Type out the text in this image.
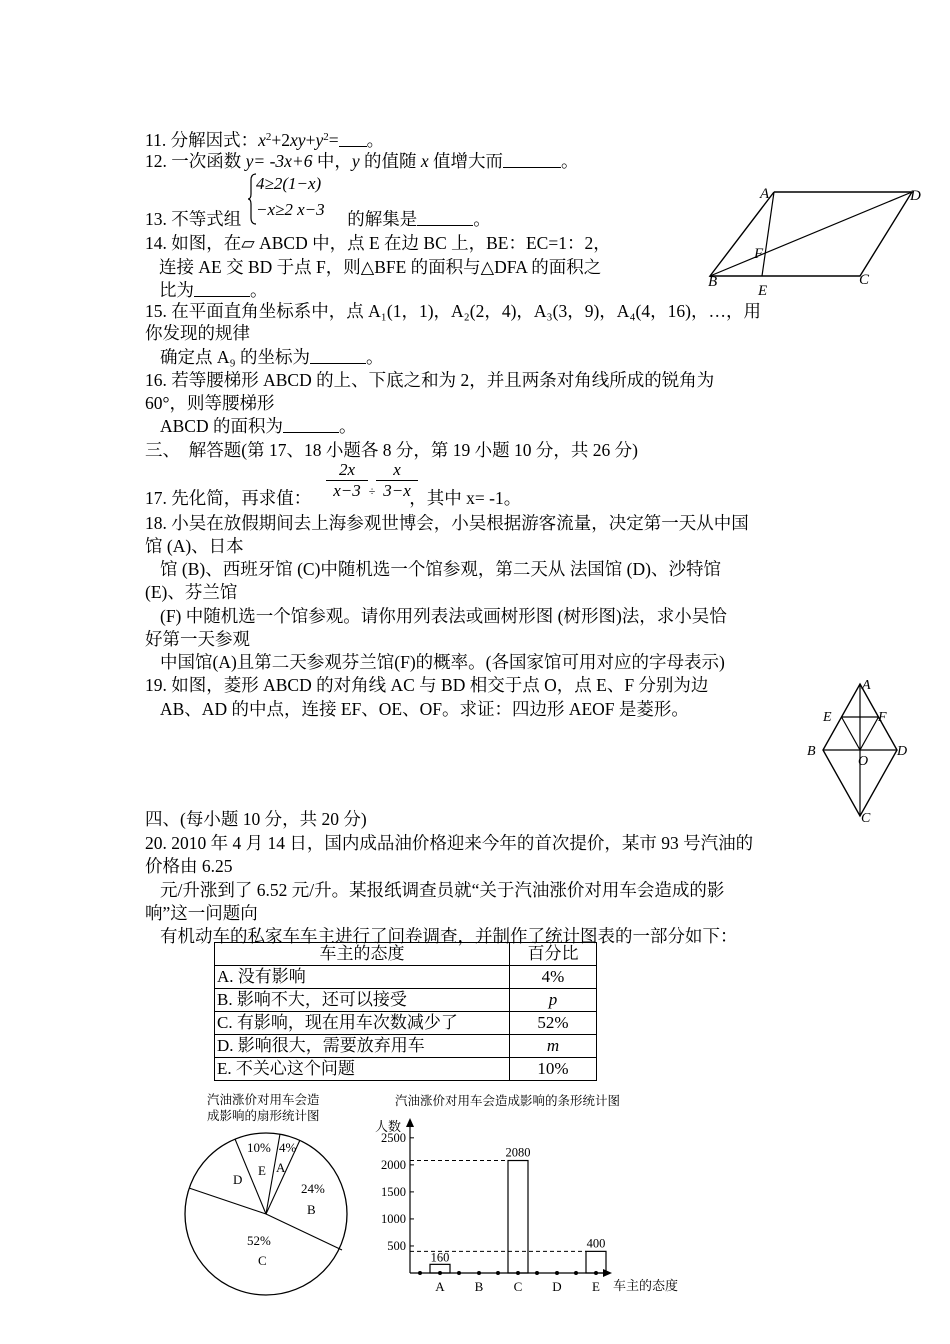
11. 分解因式：$x^2+2xy+y^2=$ 。
12. 一次函数 y= -3x+6 中，y 的值随 x 值增大而	。
4≥2(1−x)
−x≥2 x−3
13. 不等式组	的解集是	。
14. 如图，在▱ ABCD 中，点 E 在边 BC 上，BE：EC=1：2，
连接 AE 交 BD 于点 F，则△BFE 的面积与△DFA 的面积之
比为	。
A	D
F
B
E
C
15. 在平面直角坐标系中，点 A₁(1，1)，A₂(2，4)，A₃(3，9)，A₄(4，16)，…，用
你发现的规律
确定点 A₉ 的坐标为	。
16. 若等腰梯形 ABCD 的上、下底之和为 2，并且两条对角线所成的锐角为
60°，则等腰梯形
ABCD 的面积为	。
三、　解答题(第 17、18 小题各 8 分，第 19 小题 10 分，共 26 分)
$\frac{2x}{x-3} \div \frac{x}{3-x}$
17. 先化简，再求值：	，其中 x= -1。
18. 小吴在放假期间去上海参观世博会，小吴根据游客流量，决定第一天从中国
馆 (A)、日本
馆 (B)、西班牙馆 (C)中随机选一个馆参观，第二天从 法国馆 (D)、沙特馆
(E)、芬兰馆
(F) 中随机选一个馆参观。请你用列表法或画树形图 (树形图)法，求小吴恰
好第一天参观
中国馆(A)且第二天参观芬兰馆(F)的概率。(各国家馆可用对应的字母表示)
19. 如图，菱形 ABCD 的对角线 AC 与 BD 相交于点 O，点 E、F 分别为边
AB、AD 的中点，连接 EF、OE、OF。求证：四边形 AEOF 是菱形。
A
E	F
B
O
D
C
四、(每小题 10 分，共 20 分)
20. 2010 年 4 月 14 日，国内成品油价格迎来今年的首次提价，某市 93 号汽油的
价格由 6.25
元/升涨到了 6.52 元/升。某报纸调查员就“关于汽油涨价对用车会造成的影
响”这一问题向
有机动车的私家车车主进行了问卷调查，并制作了统计图表的一部分如下：
车主的态度	百分比
A. 没有影响	4%
B. 影响不大，还可以接受	p
C. 有影响，现在用车次数减少了	52%
D. 影响很大，需要放弃用车	m
E. 不关心这个问题	10%
汽油涨价对用车会造
成影响的扇形统计图
10%
E
4%
A
24%
B
52%
C
D
汽油涨价对用车会造成影响的条形统计图
人数
车主的态度
500
1000
1500
2000
2500
A B C D E
160
2080
400
